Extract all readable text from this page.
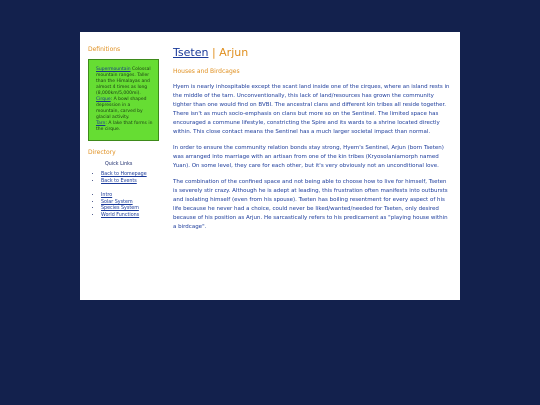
Definitions

Supermountain Colossal mountain ranges. Taller than the Himalayas and almost 4 times as long (8,000km/5,000mi).

Cirque: A bowl shaped depression in a mountain, carved by glacial activity.

Tarn: A lake that forms in the cirque.

Directory
Quick Links
• Back to Homepage
• Back to Events
• Intro
• Solar System
• Species System
• World Functions
Tseten | Arjun
Houses and Birdcages

Hyem is nearly inhospitable except the scant land inside one of the cirques, where an island rests in the middle of the tarn. Unconventionally, this lack of land/resources has grown the community tighter than one would find on BVBI. The ancestral clans and different kin tribes all reside together. There isn't as much socio-emphasis on clans but more so on the Sentinel. The limited space has encouraged a commune lifestyle, constricting the Spire and its wards to a shrine located directly within. This close contact means the Sentinel has a much larger societal impact than normal.

In order to ensure the community relation bonds stay strong, Hyem's Sentinel, Arjun (born Tseten) was arranged into marriage with an artisan from one of the kin tribes (Kryosolaniamorph named Yuan). On some level, they care for each other, but it's very obviously not an unconditional love.

The combination of the confined space and not being able to choose how to live for himself, Tseten is severely stir crazy. Although he is adept at leading, this frustration often manifests into outbursts and isolating himself (even from his spouse). Tseten has boiling resentment for every aspect of his life because he never had a choice, could never be liked/wanted/needed for Tseten, only desired because of his position as Arjun. He sarcastically refers to his predicament as "playing house within a birdcage".
